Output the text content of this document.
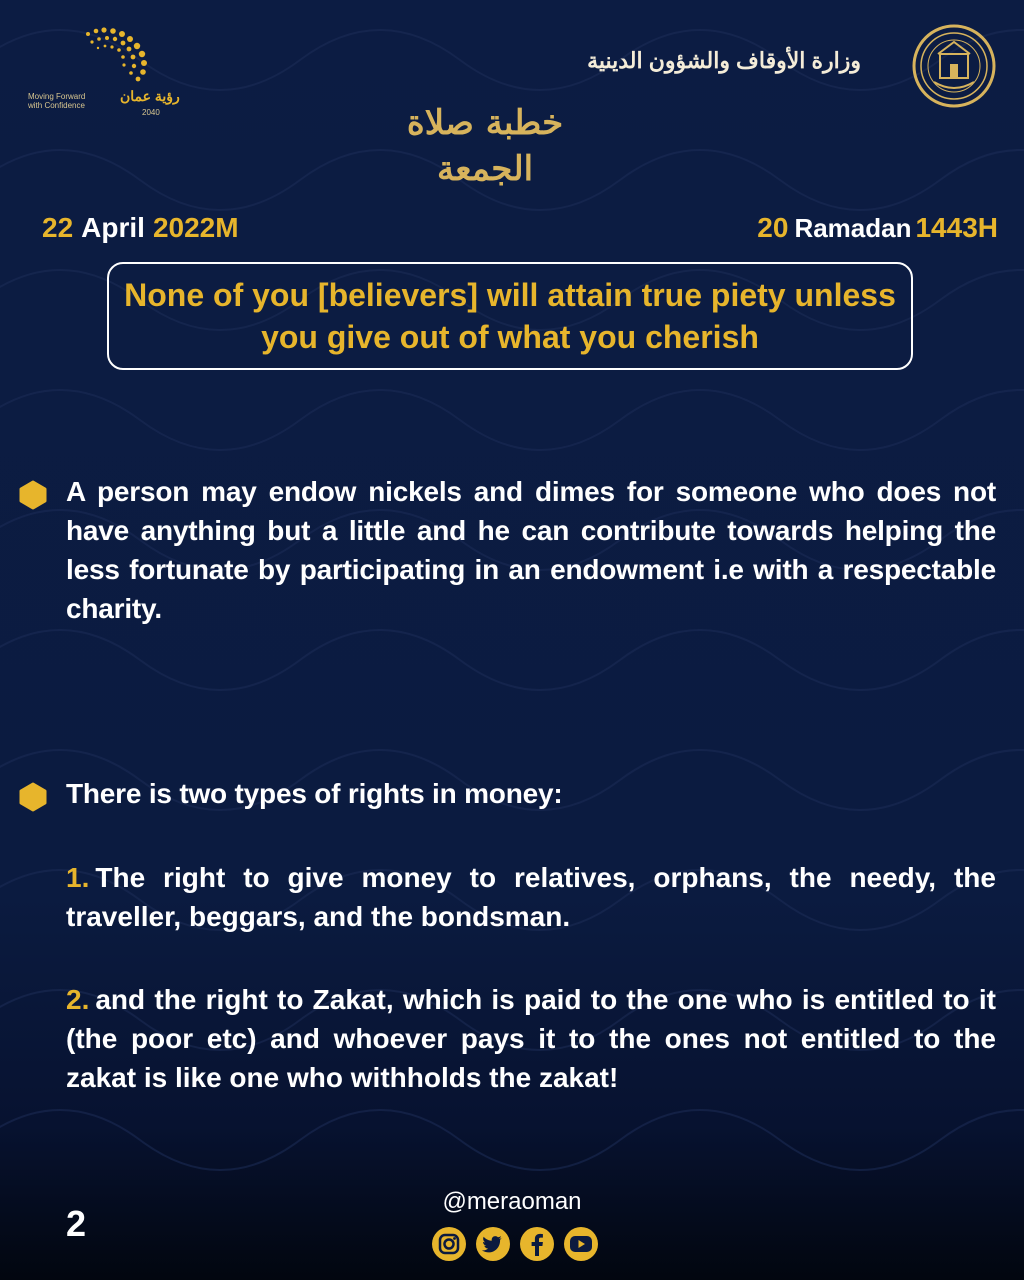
رؤية عمان
Moving Forward with Confidence
2040
وزارة الأوقاف والشؤون الدينية
خطبة صلاة
الجمعة
22 April 2022M	20 Ramadan 1443H

None of you [believers] will attain true piety unless you give out of what you cherish

A person may endow nickels and dimes for someone who does not have anything but a little and he can contribute towards helping the less fortunate by participating in an endowment i.e with a respectable charity.

There is two types of rights in money:

1. The right to give money to relatives, orphans, the needy, the traveller, beggars, and the bondsman.

2. and the right to Zakat, which is paid to the one who is entitled to it (the poor etc) and whoever pays it to the ones not entitled to the zakat is like one who withholds the zakat!

2
@meraoman
